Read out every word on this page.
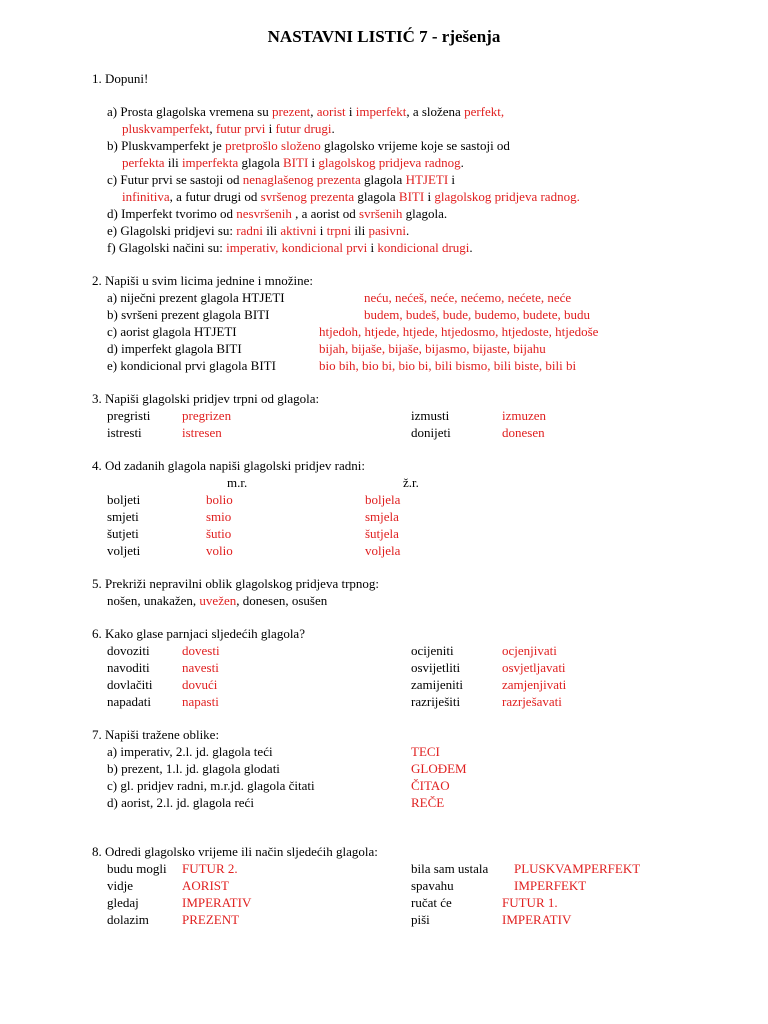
NASTAVNI LISTIĆ 7 - rješenja
1. Dopuni!
a) Prosta glagolska vremena su prezent, aorist i imperfekt, a složena perfekt,
pluskvamperfekt, futur prvi i futur drugi.
b) Pluskvamperfekt je pretprošlo složeno glagolsko vrijeme koje se sastoji od
perfekta ili imperfekta glagola BITI i glagolskog pridjeva radnog.
c) Futur prvi se sastoji od nenaglašenog prezenta glagola HTJETI i
infinitiva, a futur drugi od svršenog prezenta glagola BITI i glagolskog pridjeva radnog.
d) Imperfekt tvorimo od nesvršenih , a aorist od svršenih glagola.
e) Glagolski pridjevi su: radni ili aktivni i trpni ili pasivni.
f) Glagolski načini su: imperativ, kondicional prvi i kondicional drugi.
2. Napiši u svim licima jednine i množine:
a) niječni prezent glagola HTJETI	neću, nećeš, neće, nećemo, nećete, neće
b) svršeni prezent glagola BITI	budem, budeš, bude, budemo, budete, budu
c) aorist glagola HTJETI	htjedoh, htjede, htjede, htjedosmo, htjedoste, htjedoše
d) imperfekt glagola BITI	bijah, bijaše, bijaše, bijasmo, bijaste, bijahu
e) kondicional prvi glagola BITI	bio bih, bio bi, bio bi, bili bismo, bili biste, bili bi
3. Napiši glagolski pridjev trpni od glagola:
pregristi pregrizen	izmusti	izmuzen
istresti	istresen	donijeti	donesen
4. Od zadanih glagola napiši glagolski pridjev radni:
m.r.	ž.r.
boljeti	bolio	boljela
smjeti	smio	smjela
šutjeti	šutio	šutjela
voljeti	volio	voljela
5. Prekriži nepravilni oblik glagolskog pridjeva trpnog:
nošen, unakažen, uvežen, donesen, osušen
6. Kako glase parnjaci sljedećih glagola?
dovoziti dovesti	ocijeniti	ocjenjivati
navoditi navesti	osvijetliti	osvjetljavati
dovlačiti dovući	zamijeniti	zamjenjivati
napadati napasti	razriješiti	razrješavati
7. Napiši tražene oblike:
a) imperativ, 2.l. jd. glagola teći	TECI
b) prezent, 1.l. jd. glagola glodati	GLOĐEM
c) gl. pridjev radni, m.r.jd. glagola čitati	ČITAO
d) aorist, 2.l. jd. glagola reći	REČE
8. Odredi glagolsko vrijeme ili način sljedećih glagola:
budu mogli FUTUR 2.	bila sam ustala PLUSKVAMPERFEKT
vidje	AORIST	spavahu	IMPERFEKT
gledaj	IMPERATIV	ručat će	FUTUR 1.
dolazim	PREZENT	piši	IMPERATIV
